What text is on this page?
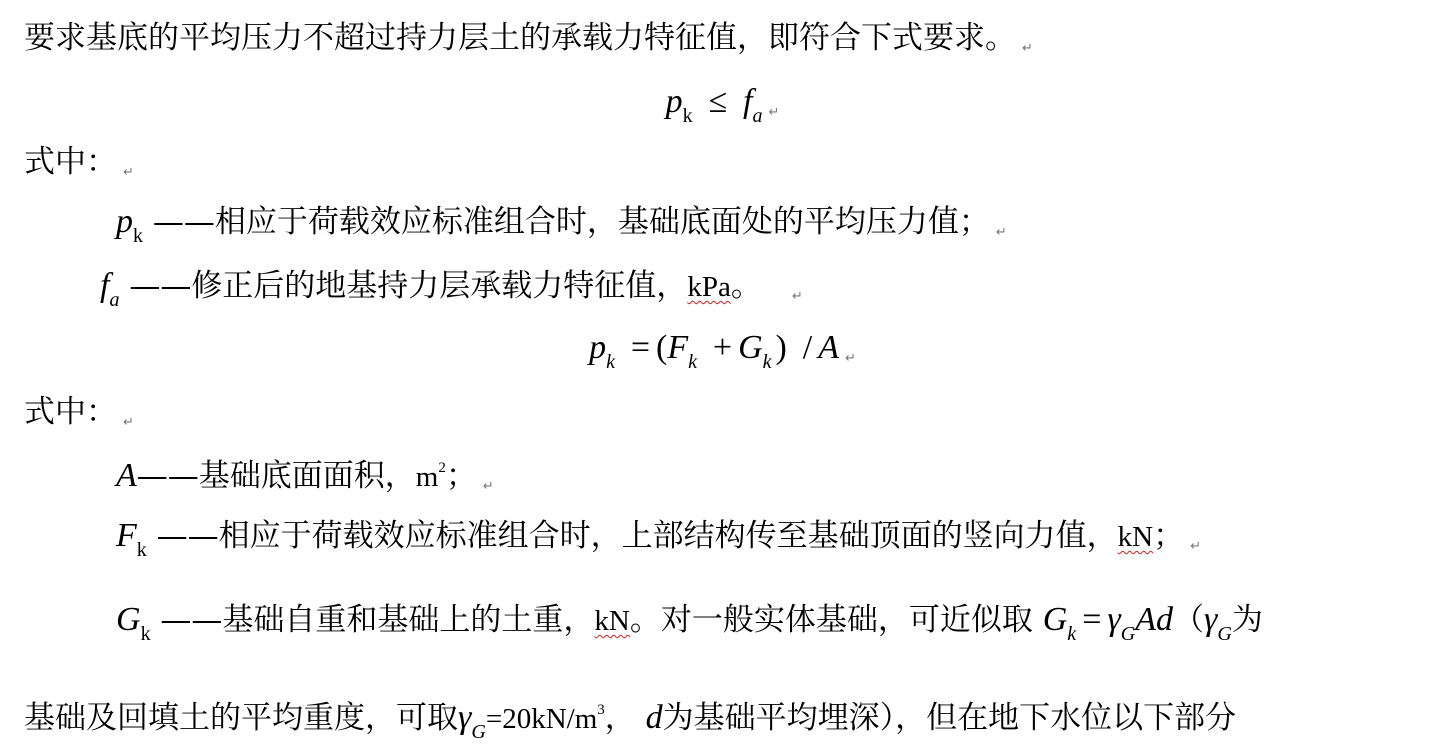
要求基底的平均压力不超过持力层土的承载力特征值，即符合下式要求。 ↵
$p_k \le f_a$ ↵
式中： ↵
$p_k$ ——相应于荷载效应标准组合时，基础底面处的平均压力值； ↵
$f_a$ ——修正后的地基持力层承载力特征值，kPa。 ↵
$p_k = (F_k + G_k$ ) / A ↵
式中： ↵
A——基础底面面积，$m^2$； ↵
$F_k$ ——相应于荷载效应标准组合时，上部结构传至基础顶面的竖向力值，kN； ↵
$G_k$ ——基础自重和基础上的土重，kN。对一般实体基础，可近似取 $G_k = \gamma_GAd(\gamma_G$为
基础及回填土的平均重度，可取$\gamma_G=20kN/m^3$， d为基础平均埋深），但在地下水位以下部分
